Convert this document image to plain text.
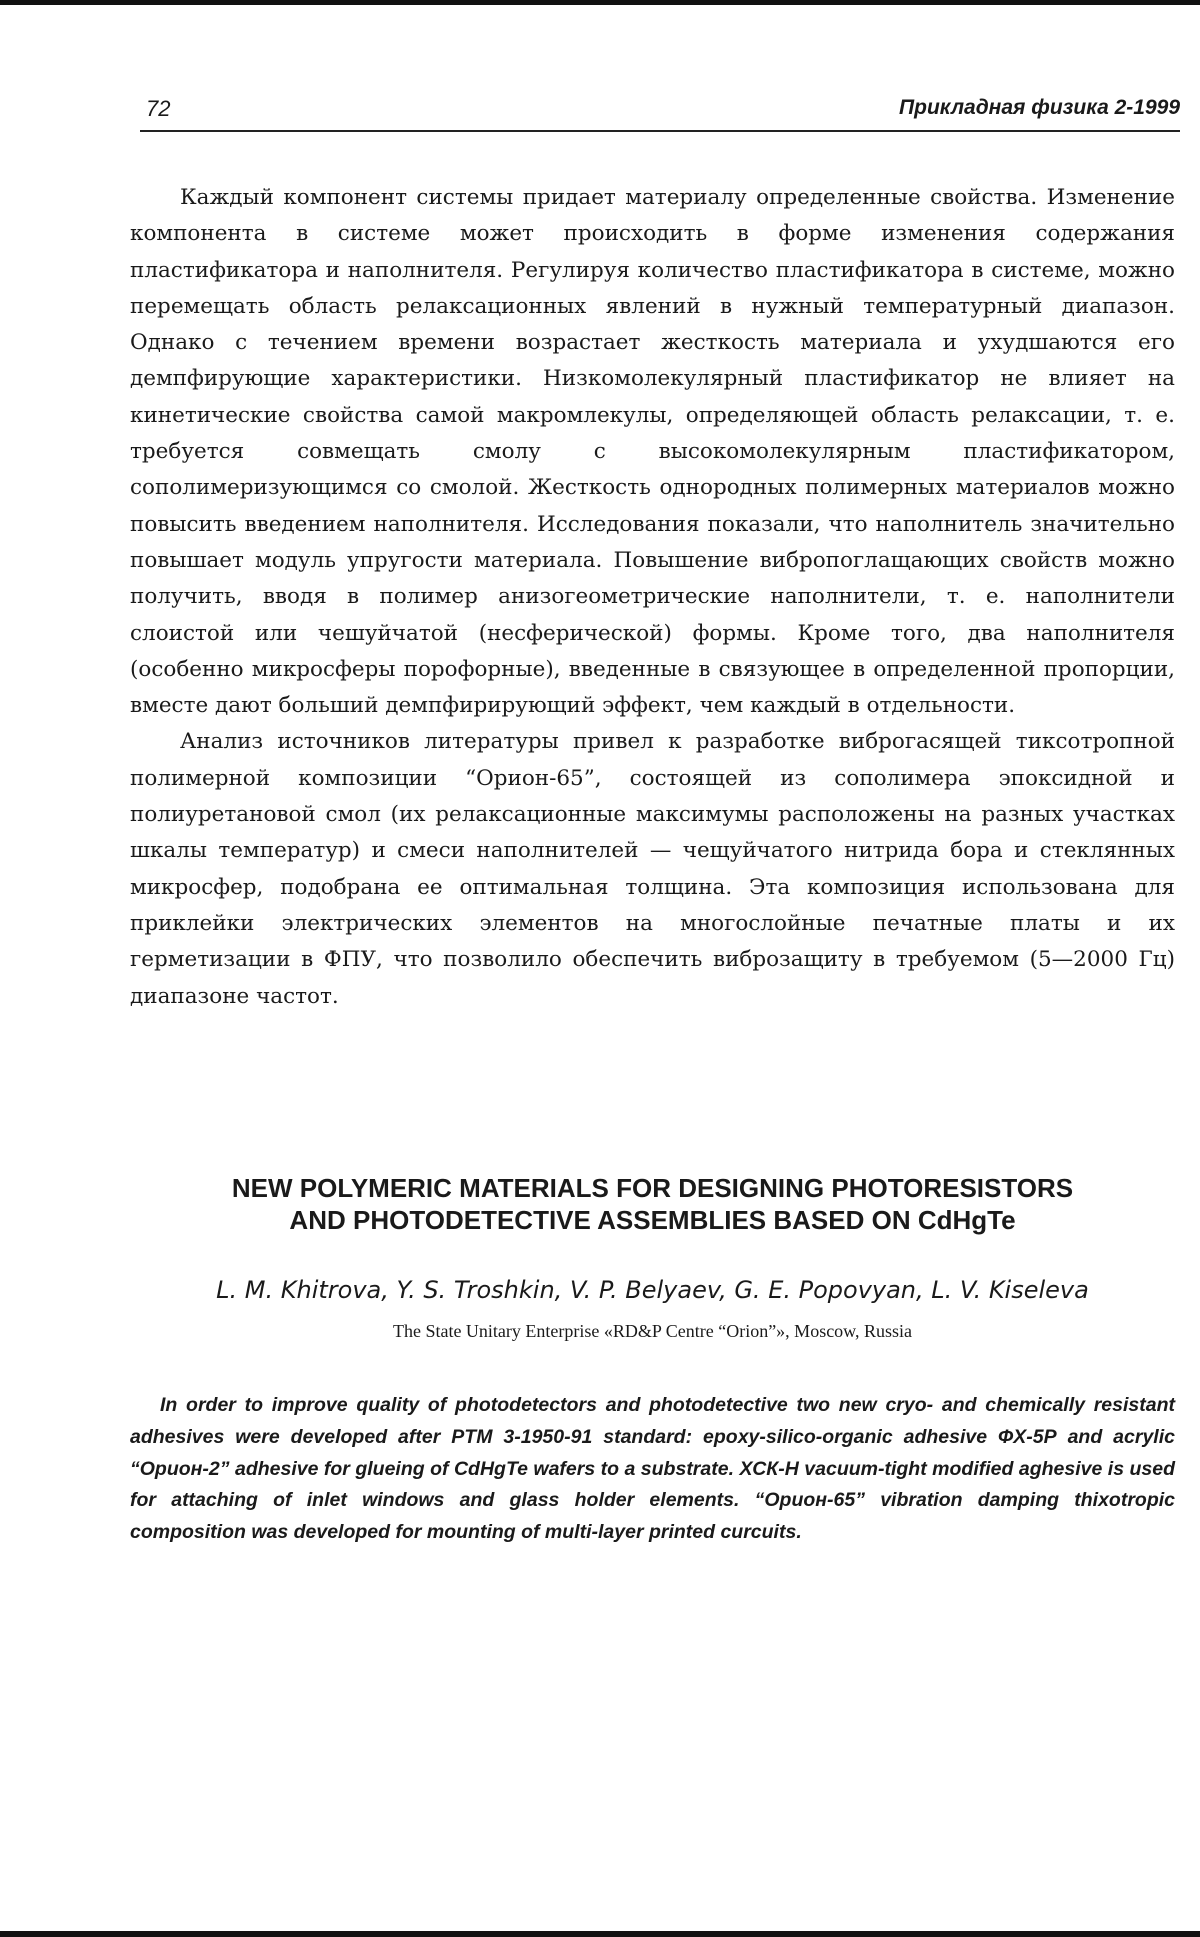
72	Прикладная физика 2-1999

Каждый компонент системы придает материалу определенные свойства. Изменение компонента в системе может происходить в форме изменения содержания пластификатора и наполнителя. Регулируя количество пластификатора в системе, можно перемещать область релаксационных явлений в нужный температурный диапазон. Однако с течением времени возрастает жесткость материала и ухудшаются его демпфирующие характеристики. Низкомолекулярный пластификатор не влияет на кинетические свойства самой макромлекулы, определяющей область релаксации, т. е. требуется совмещать смолу с высокомолекулярным пластификатором, сополимеризующимся со смолой. Жесткость однородных полимерных материалов можно повысить введением наполнителя. Исследования показали, что наполнитель значительно повышает модуль упругости материала. Повышение вибропоглащающих свойств можно получить, вводя в полимер анизогеометрические наполнители, т. е. наполнители слоистой или чешуйчатой (несферической) формы. Кроме того, два наполнителя (особенно микросферы порофорные), введенные в связующее в определенной пропорции, вместе дают больший демпфирирующий эффект, чем каждый в отдельности.

Анализ источников литературы привел к разработке виброгасящей тиксотропной полимерной композиции “Орион-65”, состоящей из сополимера эпоксидной и полиуретановой смол (их релаксационные максимумы расположены на разных участках шкалы температур) и смеси наполнителей — чещуйчатого нитрида бора и стеклянных микросфер, подобрана ее оптимальная толщина. Эта композиция использована для приклейки электрических элементов на многослойные печатные платы и их герметизации в ФПУ, что позволило обеспечить виброзащиту в требуемом (5—2000 Гц) диапазоне частот.

NEW POLYMERIC MATERIALS FOR DESIGNING PHOTORESISTORS
AND PHOTODETECTIVE ASSEMBLIES BASED ON CdHgTe
L. M. Khitrova, Y. S. Troshkin, V. P. Belyaev, G. E. Popovyan, L. V. Kiseleva
The State Unitary Enterprise «RD&P Centre “Orion”», Moscow, Russia

In order to improve quality of photodetectors and photodetective two new cryo- and chemically resistant adhesives were developed after PTM 3-1950-91 standard: epoxy-silico-organic adhesive ФХ-5Р and acrylic “Орион-2” adhesive for glueing of CdHgTe wafers to a substrate. ХСК-Н vacuum-tight modified aghesive is used for attaching of inlet windows and glass holder elements. “Орион-65” vibration damping thixotropic composition was developed for mounting of multi-layer printed curcuits.
